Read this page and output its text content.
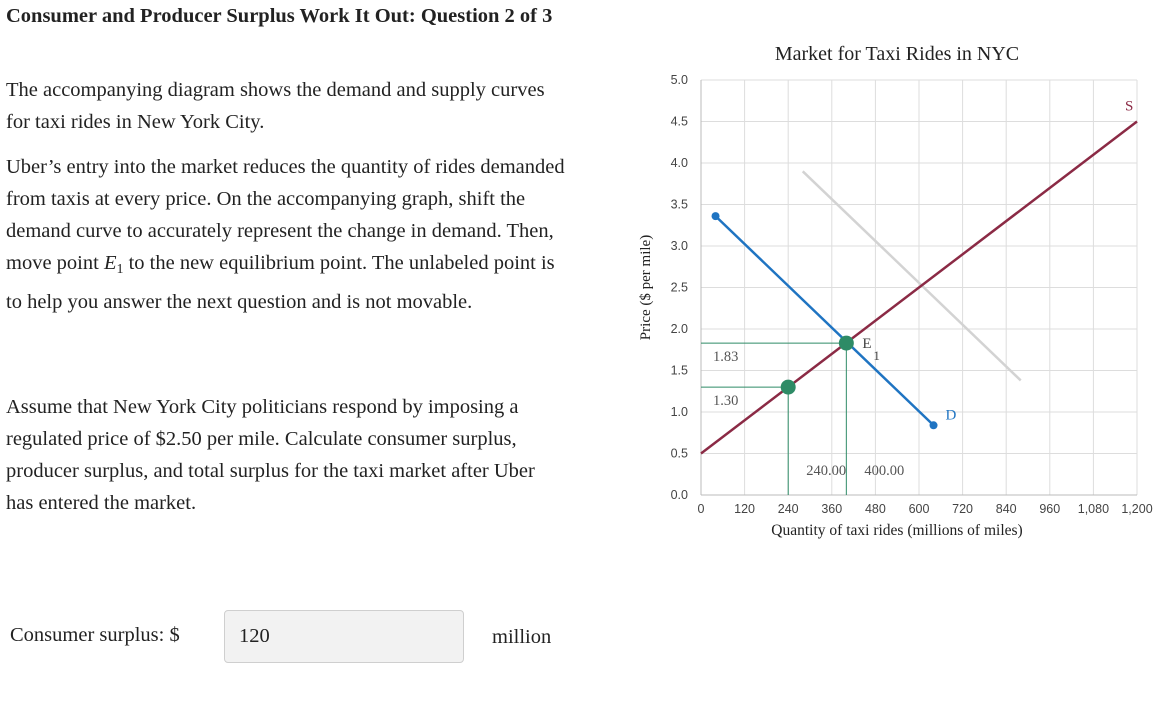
Consumer and Producer Surplus Work It Out: Question 2 of 3

The accompanying diagram shows the demand and supply curves for taxi rides in New York City.

Uber’s entry into the market reduces the quantity of rides demanded from taxis at every price. On the accompanying graph, shift the demand curve to accurately represent the change in demand. Then, move point $E_1$ to the new equilibrium point. The unlabeled point is to help you answer the next question and is not movable.

Assume that New York City politicians respond by imposing a regulated price of $2.50 per mile. Calculate consumer surplus, producer surplus, and total surplus for the taxi market after Uber has entered the market.

Consumer surplus: $
120	million
0 120 240 360 480 600 720 840 960 1,080 1,200
0.0
0.5
1.0
1.5
2.0
2.5
3.0
3.5
4.0
4.5
5.0
Market for Taxi Rides in NYC
Price ($ per mile)
Quantity of taxi rides (millions of miles)
S
D
E
1
1.83
1.30
240.00 400.00
